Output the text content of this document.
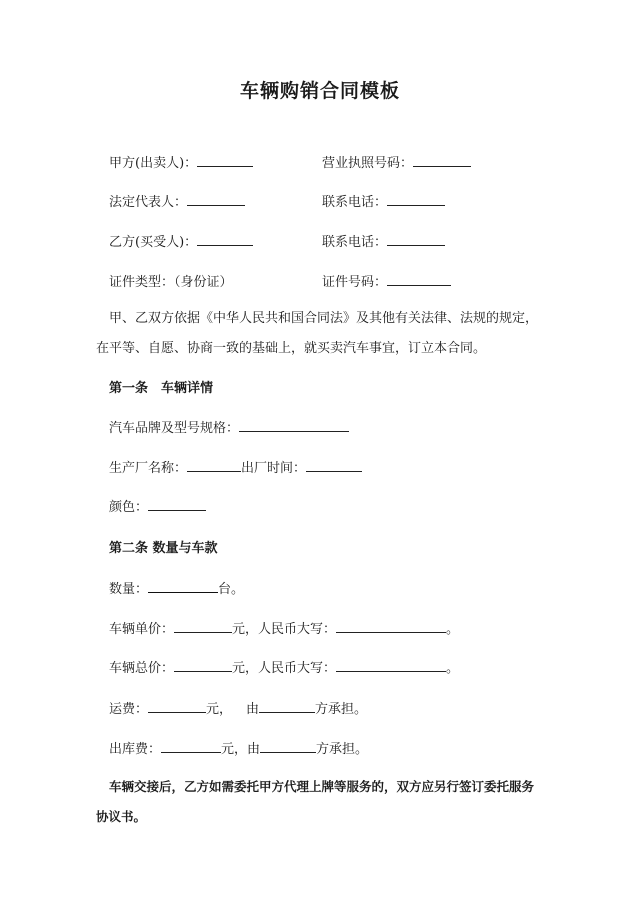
车辆购销合同模板
甲方(出卖人)：	营业执照号码：
法定代表人：	联系电话：
乙方(买受人)：	联系电话：
证件类型：（身份证）	证件号码：
甲、乙双方依据《中华人民共和国合同法》及其他有关法律、法规的规定，在平等、自愿、协商一致的基础上，就买卖汽车事宜，订立本合同。
第一条　车辆详情
汽车品牌及型号规格：
生产厂名称：	出厂时间：
颜色：
第二条 数量与车款
数量：	台。
车辆单价：	元，人民币大写：	。
车辆总价：	元，人民币大写：	。
运费：	元， 由	方承担。
出库费：	元，由	方承担。
车辆交接后，乙方如需委托甲方代理上牌等服务的，双方应另行签订委托服务协议书。
